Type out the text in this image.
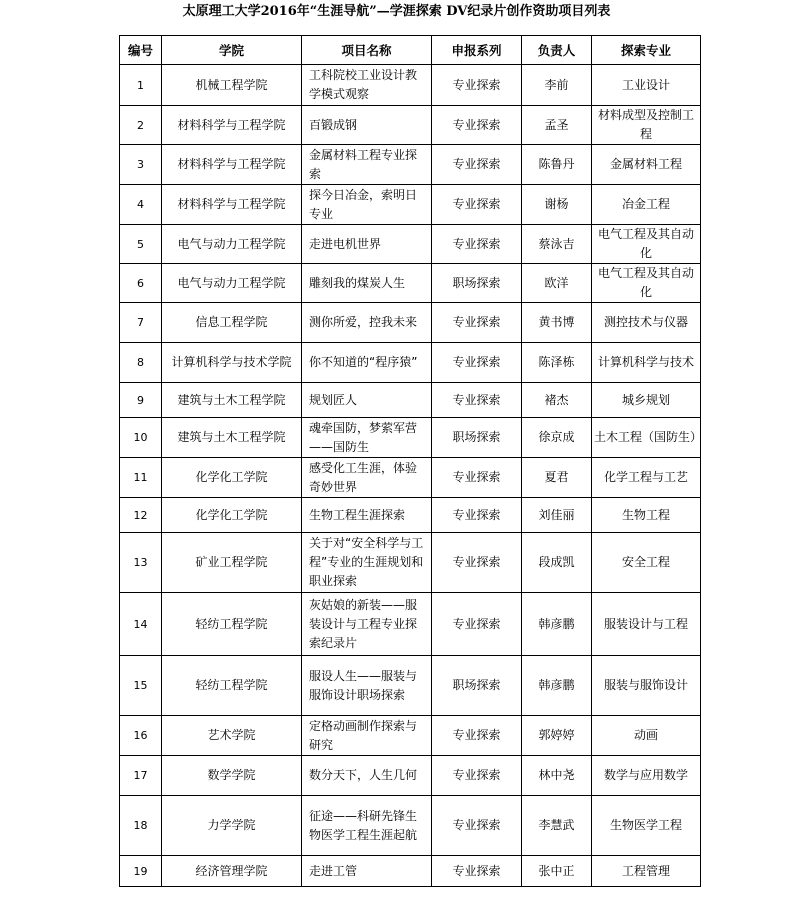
太原理工大学2016年“生涯导航”—学涯探索 DV纪录片创作资助项目列表
编号	学院	项目名称	申报系列	负责人	探索专业
1	机械工程学院	工科院校工业设计教学模式观察	专业探索	李前	工业设计
2	材料科学与工程学院	百锻成钢	专业探索	孟圣	材料成型及控制工程
3	材料科学与工程学院	金属材料工程专业探索	专业探索	陈鲁丹	金属材料工程
4	材料科学与工程学院	探今日冶金，索明日专业	专业探索	谢杨	冶金工程
5	电气与动力工程学院	走进电机世界	专业探索	蔡泳吉	电气工程及其自动化
6	电气与动力工程学院	雕刻我的煤炭人生	职场探索	欧洋	电气工程及其自动化
7	信息工程学院	测你所爱，控我未来	专业探索	黄书博	测控技术与仪器
8	计算机科学与技术学院	你不知道的“程序猿”	专业探索	陈泽栋	计算机科学与技术
9	建筑与土木工程学院	规划匠人	专业探索	褚杰	城乡规划
10	建筑与土木工程学院	魂牵国防，梦萦军营——国防生	职场探索	徐京成	土木工程（国防生）
11	化学化工学院	感受化工生涯，体验奇妙世界	专业探索	夏君	化学工程与工艺
12	化学化工学院	生物工程生涯探索	专业探索	刘佳丽	生物工程
13	矿业工程学院	关于对“安全科学与工程”专业的生涯规划和职业探索	专业探索	段成凯	安全工程
14	轻纺工程学院	灰姑娘的新装——服装设计与工程专业探索纪录片	专业探索	韩彦鹏	服装设计与工程
15	轻纺工程学院	服设人生——服装与服饰设计职场探索	职场探索	韩彦鹏	服装与服饰设计
16	艺术学院	定格动画制作探索与研究	专业探索	郭婷婷	动画
17	数学学院	数分天下，人生几何	专业探索	林中尧	数学与应用数学
18	力学学院	征途——科研先锋生物医学工程生涯起航	专业探索	李慧武	生物医学工程
19	经济管理学院	走进工管	专业探索	张中正	工程管理
